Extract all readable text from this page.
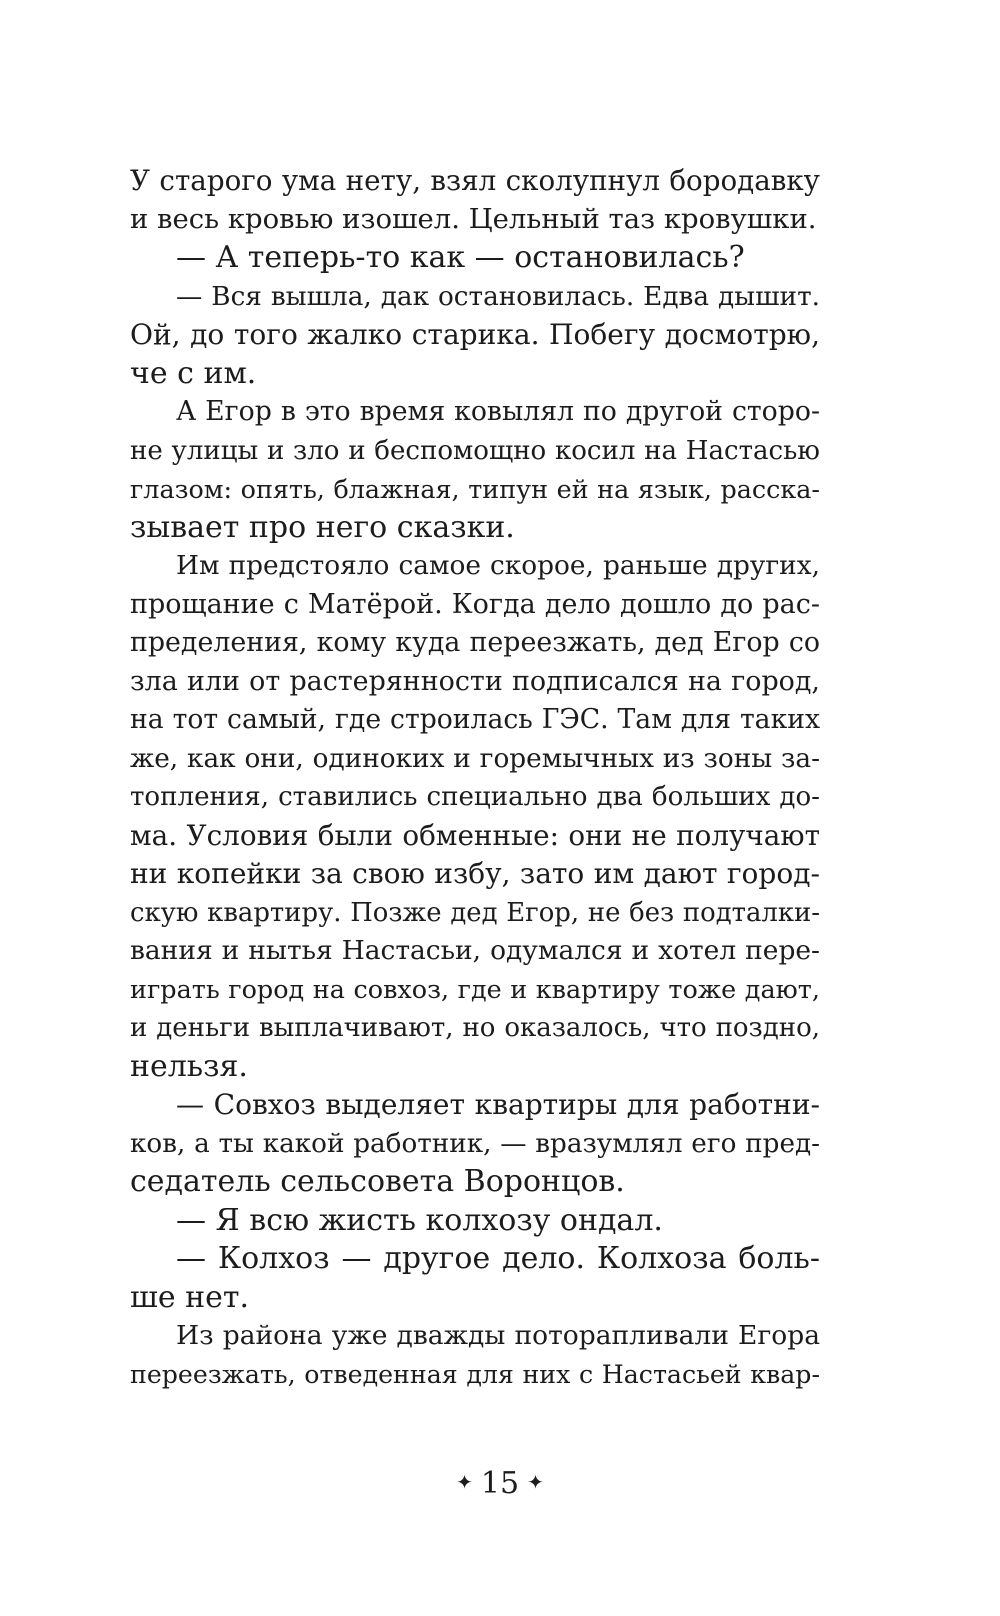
У старого ума нету, взял сколупнул бородавку
и весь кровью изошел. Цельный таз кровушки.
— А теперь-то как — остановилась?
— Вся вышла, дак остановилась. Едва дышит.
Ой, до того жалко старика. Побегу досмотрю,
че с им.
А Егор в это время ковылял по другой сторо-
не улицы и зло и беспомощно косил на Настасью
глазом: опять, блажная, типун ей на язык, расска-
зывает про него сказки.
Им предстояло самое скорое, раньше других,
прощание с Матёрой. Когда дело дошло до рас-
пределения, кому куда переезжать, дед Егор со
зла или от растерянности подписался на город,
на тот самый, где строилась ГЭС. Там для таких
же, как они, одиноких и горемычных из зоны за-
топления, ставились специально два больших до-
ма. Условия были обменные: они не получают
ни копейки за свою избу, зато им дают город-
скую квартиру. Позже дед Егор, не без подталки-
вания и нытья Настасьи, одумался и хотел пере-
играть город на совхоз, где и квартиру тоже дают,
и деньги выплачивают, но оказалось, что поздно,
нельзя.
— Совхоз выделяет квартиры для работни-
ков, а ты какой работник, — вразумлял его пред-
седатель сельсовета Воронцов.
— Я всю жисть колхозу ондал.
— Колхоз — другое дело. Колхоза боль-
ше нет.
Из района уже дважды поторапливали Егора
переезжать, отведенная для них с Настасьей квар-
✦ 15 ✦
